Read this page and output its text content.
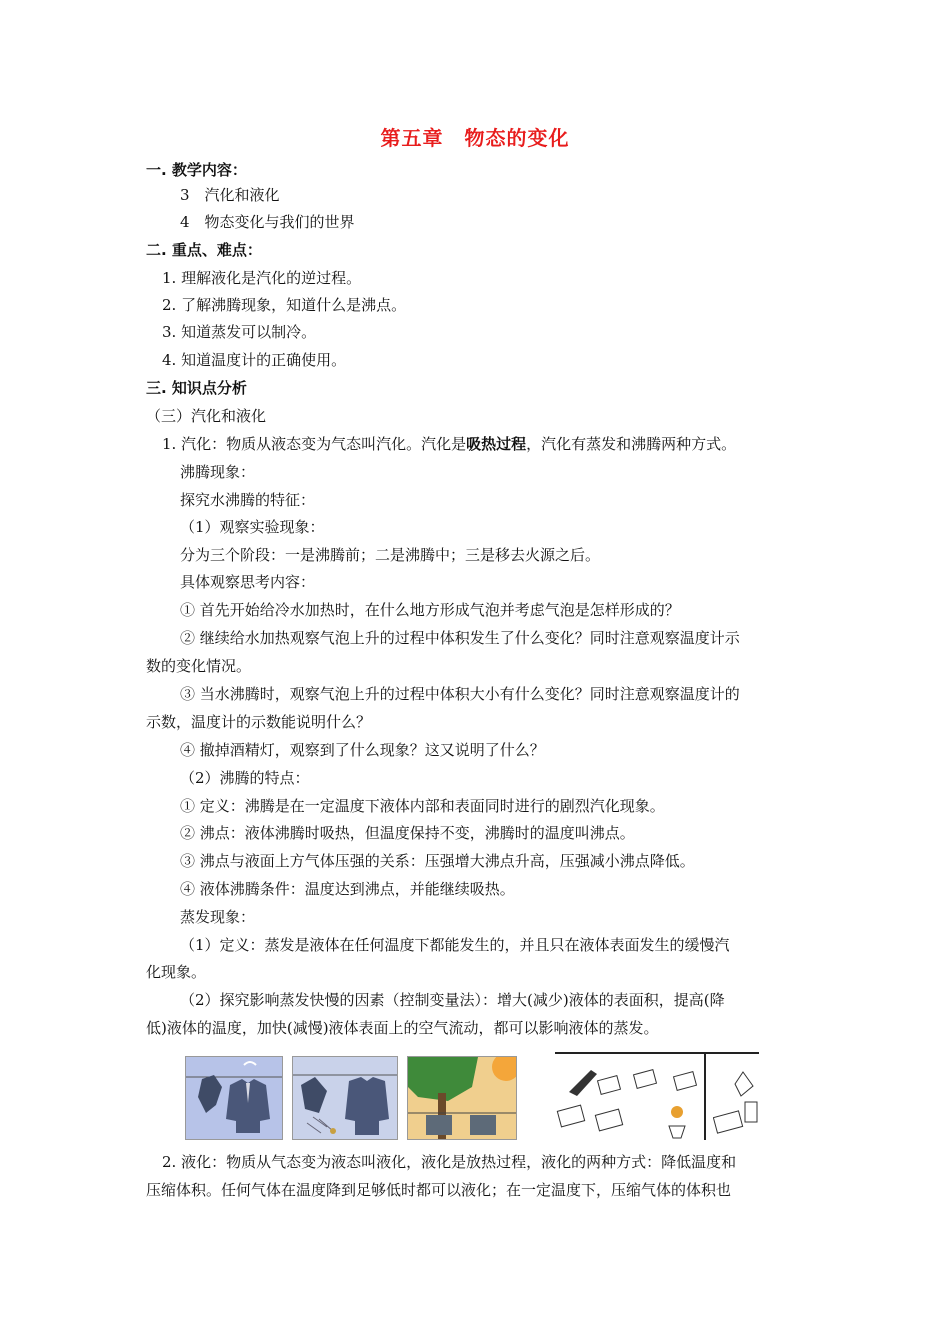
第五章　物态的变化
一. 教学内容：
3　汽化和液化
4　物态变化与我们的世界
二. 重点、难点：
1. 理解液化是汽化的逆过程。
2. 了解沸腾现象，知道什么是沸点。
3. 知道蒸发可以制冷。
4. 知道温度计的正确使用。
三. 知识点分析
（三）汽化和液化
1. 汽化：物质从液态变为气态叫汽化。汽化是吸热过程，汽化有蒸发和沸腾两种方式。
沸腾现象：
探究水沸腾的特征：
（1）观察实验现象：
分为三个阶段：一是沸腾前；二是沸腾中；三是移去火源之后。
具体观察思考内容：
① 首先开始给冷水加热时，在什么地方形成气泡并考虑气泡是怎样形成的？
② 继续给水加热观察气泡上升的过程中体积发生了什么变化？同时注意观察温度计示
数的变化情况。
③ 当水沸腾时，观察气泡上升的过程中体积大小有什么变化？同时注意观察温度计的
示数，温度计的示数能说明什么？
④ 撤掉酒精灯，观察到了什么现象？这又说明了什么？
（2）沸腾的特点：
① 定义：沸腾是在一定温度下液体内部和表面同时进行的剧烈汽化现象。
② 沸点：液体沸腾时吸热，但温度保持不变，沸腾时的温度叫沸点。
③ 沸点与液面上方气体压强的关系：压强增大沸点升高，压强减小沸点降低。
④ 液体沸腾条件：温度达到沸点，并能继续吸热。
蒸发现象：
（1）定义：蒸发是液体在任何温度下都能发生的，并且只在液体表面发生的缓慢汽
化现象。
（2）探究影响蒸发快慢的因素（控制变量法）：增大(减少)液体的表面积，提高(降
低)液体的温度，加快(减慢)液体表面上的空气流动，都可以影响液体的蒸发。
2. 液化：物质从气态变为液态叫液化，液化是放热过程，液化的两种方式：降低温度和
压缩体积。任何气体在温度降到足够低时都可以液化；在一定温度下，压缩气体的体积也
